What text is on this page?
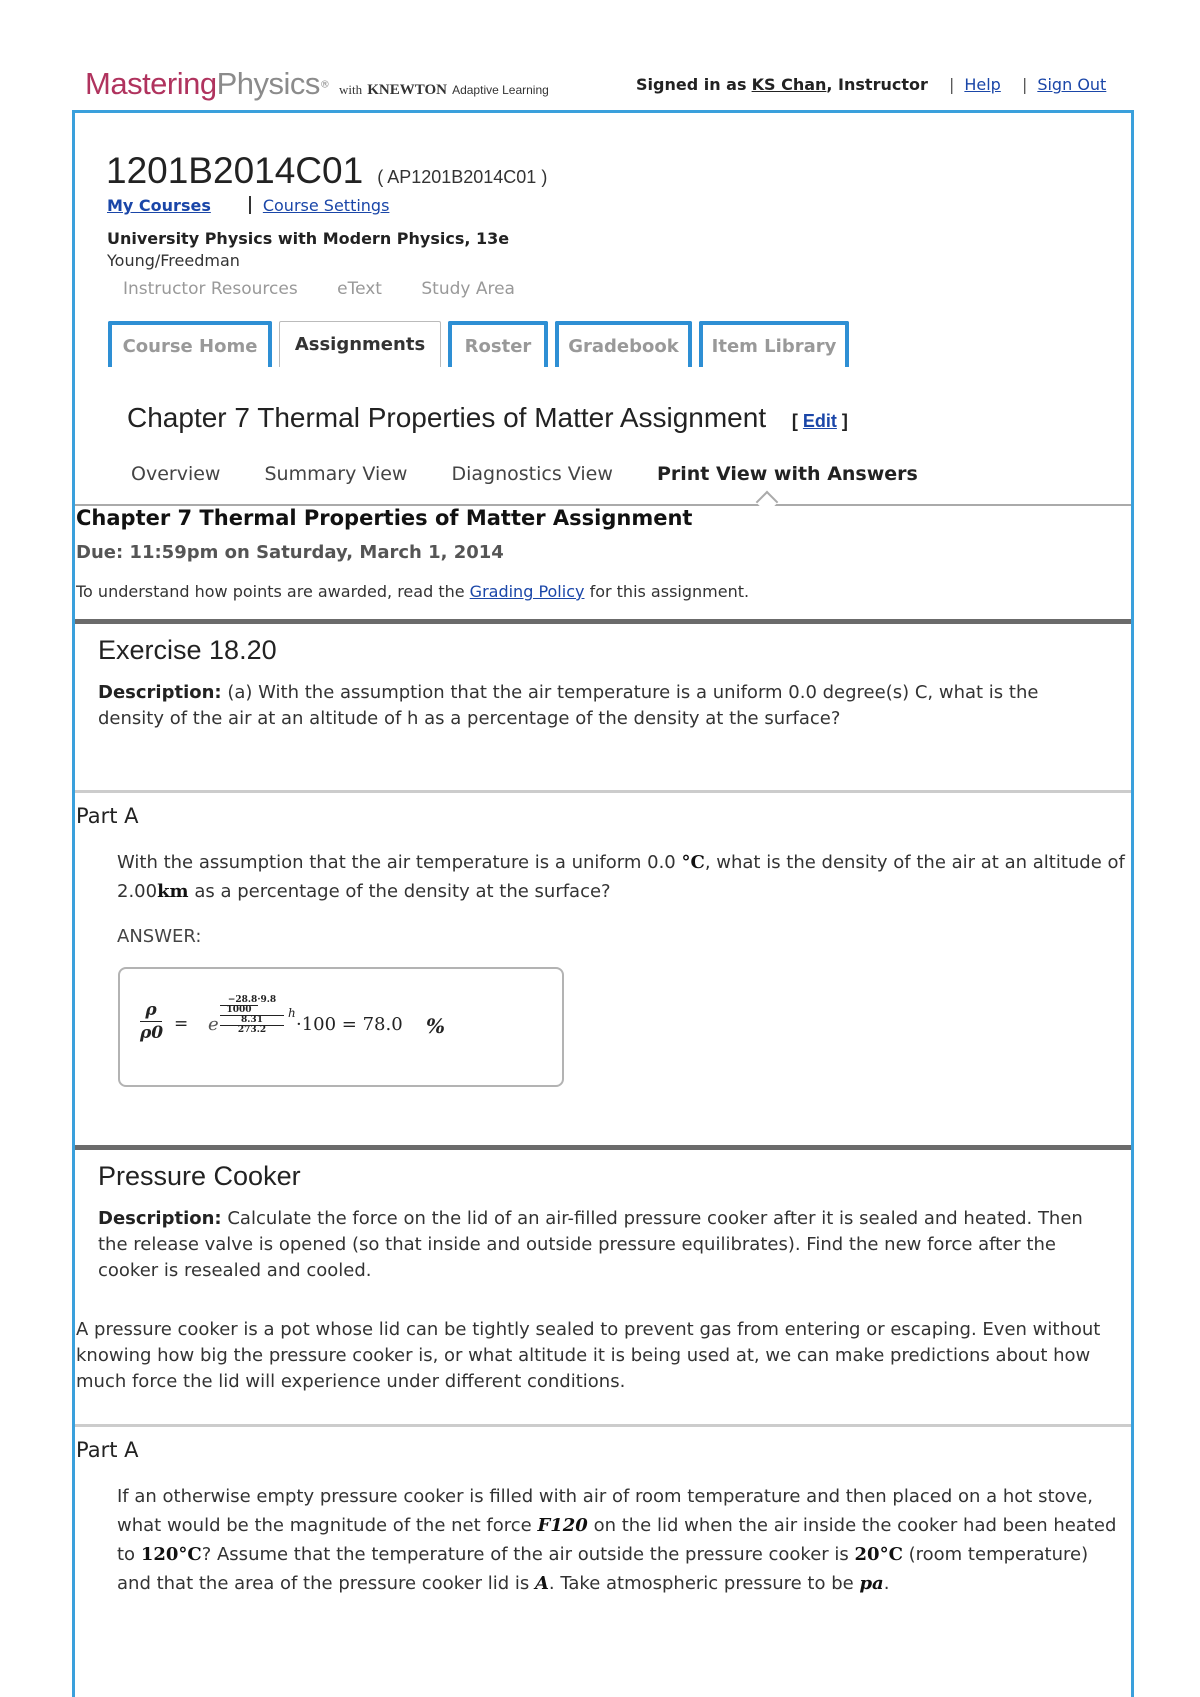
MasteringPhysics® with KNEWTON Adaptive Learning	Signed in as KS Chan, Instructor | Help | Sign Out
1201B2014C01 ( AP1201B2014C01 )
My Courses	Course Settings
University Physics with Modern Physics, 13e
Young/Freedman
Instructor Resources eText Study Area
Course Home	Assignments	Roster	Gradebook	Item Library
Chapter 7 Thermal Properties of Matter Assignment [ Edit ]
Overview Summary View Diagnostics View Print View with Answers
Chapter 7 Thermal Properties of Matter Assignment
Due: 11:59pm on Saturday, March 1, 2014
To understand how points are awarded, read the Grading Policy for this assignment.
Exercise 18.20
Description: (a) With the assumption that the air temperature is a uniform 0.0 degree(s) C, what is the density of the air at an altitude of h as a percentage of the density at the surface?
Part A
With the assumption that the air temperature is a uniform 0.0 °C, what is the density of the air at an altitude of 2.00km as a percentage of the density at the surface?
ANSWER:
ρ
ρ0 = e
−28.8·9.8
1000
8.31
273.2
h
·100 = 78.0 %
Pressure Cooker
Description: Calculate the force on the lid of an air-filled pressure cooker after it is sealed and heated. Then the release valve is opened (so that inside and outside pressure equilibrates). Find the new force after the cooker is resealed and cooled.
A pressure cooker is a pot whose lid can be tightly sealed to prevent gas from entering or escaping. Even without knowing how big the pressure cooker is, or what altitude it is being used at, we can make predictions about how much force the lid will experience under different conditions.
Part A
If an otherwise empty pressure cooker is filled with air of room temperature and then placed on a hot stove, what would be the magnitude of the net force F120 on the lid when the air inside the cooker had been heated to 120°C? Assume that the temperature of the air outside the pressure cooker is 20°C (room temperature) and that the area of the pressure cooker lid is A. Take atmospheric pressure to be pa.
